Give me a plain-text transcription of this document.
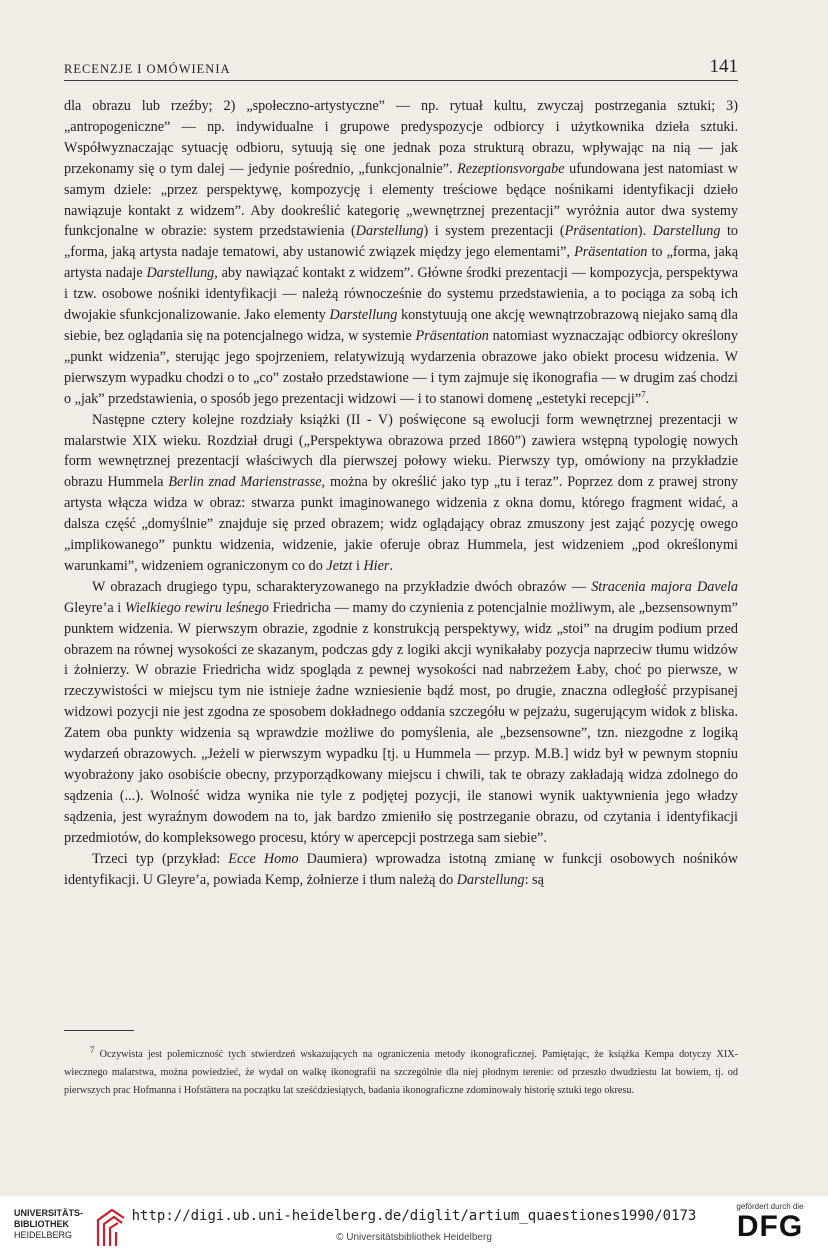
RECENZJE I OMÓWIENIA	141

dla obrazu lub rzeźby; 2) „społeczno-artystyczne” — np. rytuał kultu, zwyczaj postrzegania sztuki; 3) „antropogeniczne” — np. indywidualne i grupowe predyspozycje odbiorcy i użytkownika dzieła sztuki. Współwyznaczając sytuację odbioru, sytuują się one jednak poza strukturą obrazu, wpływając na nią — jak przekonamy się o tym dalej — jedynie pośrednio, „funkcjonalnie”. Rezeptionsvorgabe ufundowana jest natomiast w samym dziele: „przez perspektywę, kompozycję i elementy treściowe będące nośnikami identyfikacji dzieło nawiązuje kontakt z widzem”. Aby dookreślić kategorię „wewnętrznej prezentacji” wyróżnia autor dwa systemy funkcjonalne w obrazie: system przedstawienia (Darstellung) i system prezentacji (Präsentation). Darstellung to „forma, jaką artysta nadaje tematowi, aby ustanowić związek między jego elementami”, Präsentation to „forma, jaką artysta nadaje Darstellung, aby nawiązać kontakt z widzem”. Główne środki prezentacji — kompozycja, perspektywa i tzw. osobowe nośniki identyfikacji — należą równocześnie do systemu przedstawienia, a to pociąga za sobą ich dwojakie sfunkcjonalizowanie. Jako elementy Darstellung konstytuują one akcję wewnątrzobrazową niejako samą dla siebie, bez oglądania się na potencjalnego widza, w systemie Präsentation natomiast wyznaczając odbiorcy określony „punkt widzenia”, sterując jego spojrzeniem, relatywizują wydarzenia obrazowe jako obiekt procesu widzenia. W pierwszym wypadku chodzi o to „co” zostało przedstawione — i tym zajmuje się ikonografia — w drugim zaś chodzi o „jak” przedstawienia, o sposób jego prezentacji widzowi — i to stanowi domenę „estetyki recepcji”$^7$.

Następne cztery kolejne rozdziały książki (II - V) poświęcone są ewolucji form wewnętrznej prezentacji w malarstwie XIX wieku. Rozdział drugi („Perspektywa obrazowa przed 1860”) zawiera wstępną typologię nowych form wewnętrznej prezentacji właściwych dla pierwszej połowy wieku. Pierwszy typ, omówiony na przykładzie obrazu Hummela Berlin znad Marienstrasse, można by określić jako typ „tu i teraz”. Poprzez dom z prawej strony artysta włącza widza w obraz: stwarza punkt imaginowanego widzenia z okna domu, którego fragment widać, a dalsza część „domyślnie” znajduje się przed obrazem; widz oglądający obraz zmuszony jest zająć pozycję owego „implikowanego” punktu widzenia, widzenie, jakie oferuje obraz Hummela, jest widzeniem „pod określonymi warunkami”, widzeniem ograniczonym co do Jetzt i Hier.

W obrazach drugiego typu, scharakteryzowanego na przykładzie dwóch obrazów — Stracenia majora Davela Gleyre’a i Wielkiego rewiru leśnego Friedricha — mamy do czynienia z potencjalnie możliwym, ale „bezsensownym” punktem widzenia. W pierwszym obrazie, zgodnie z konstrukcją perspektywy, widz „stoi” na drugim podium przed obrazem na równej wysokości ze skazanym, podczas gdy z logiki akcji wynikałaby pozycja naprzeciw tłumu widzów i żołnierzy. W obrazie Friedricha widz spogląda z pewnej wysokości nad nabrzeżem Łaby, choć po pierwsze, w rzeczywistości w miejscu tym nie istnieje żadne wzniesienie bądź most, po drugie, znaczna odległość przypisanej widzowi pozycji nie jest zgodna ze sposobem dokładnego oddania szczegółu w pejzażu, sugerującym widok z bliska. Zatem oba punkty widzenia są wprawdzie możliwe do pomyślenia, ale „bezsensowne”, tzn. niezgodne z logiką wydarzeń obrazowych. „Jeżeli w pierwszym wypadku [tj. u Hummela — przyp. M.B.] widz był w pewnym stopniu wyobrażony jako osobiście obecny, przyporządkowany miejscu i chwili, tak te obrazy zakładają widza zdolnego do sądzenia (...). Wolność widza wynika nie tyle z podjętej pozycji, ile stanowi wynik uaktywnienia jego władzy sądzenia, jest wyraźnym dowodem na to, jak bardzo zmieniło się postrzeganie obrazu, od czytania i identyfikacji przedmiotów, do kompleksowego procesu, który w apercepcji postrzega sam siebie”.

Trzeci typ (przykład: Ecce Homo Daumiera) wprowadza istotną zmianę w funkcji osobowych nośników identyfikacji. U Gleyre’a, powiada Kemp, żołnierze i tłum należą do Darstellung: są

$^7$ Oczywista jest polemiczność tych stwierdzeń wskazujących na ograniczenia metody ikonograficznej. Pamiętając, że książka Kempa dotyczy XIX-wiecznego malarstwa, można powiedzieć, że wydał on walkę ikonografii na szczególnie dla niej płodnym terenie: od przeszło dwudziestu lat bowiem, tj. od pierwszych prac Hofmanna i Hofstättera na początku lat sześćdziesiątych, badania ikonograficzne zdominowały historię sztuki tego okresu.
UNIVERSITÄTS-
BIBLIOTHEK
HEIDELBERG
http://digi.ub.uni-heidelberg.de/diglit/artium_quaestiones1990/0173
© Universitätsbibliothek Heidelberg
gefördert durch die
DFG
